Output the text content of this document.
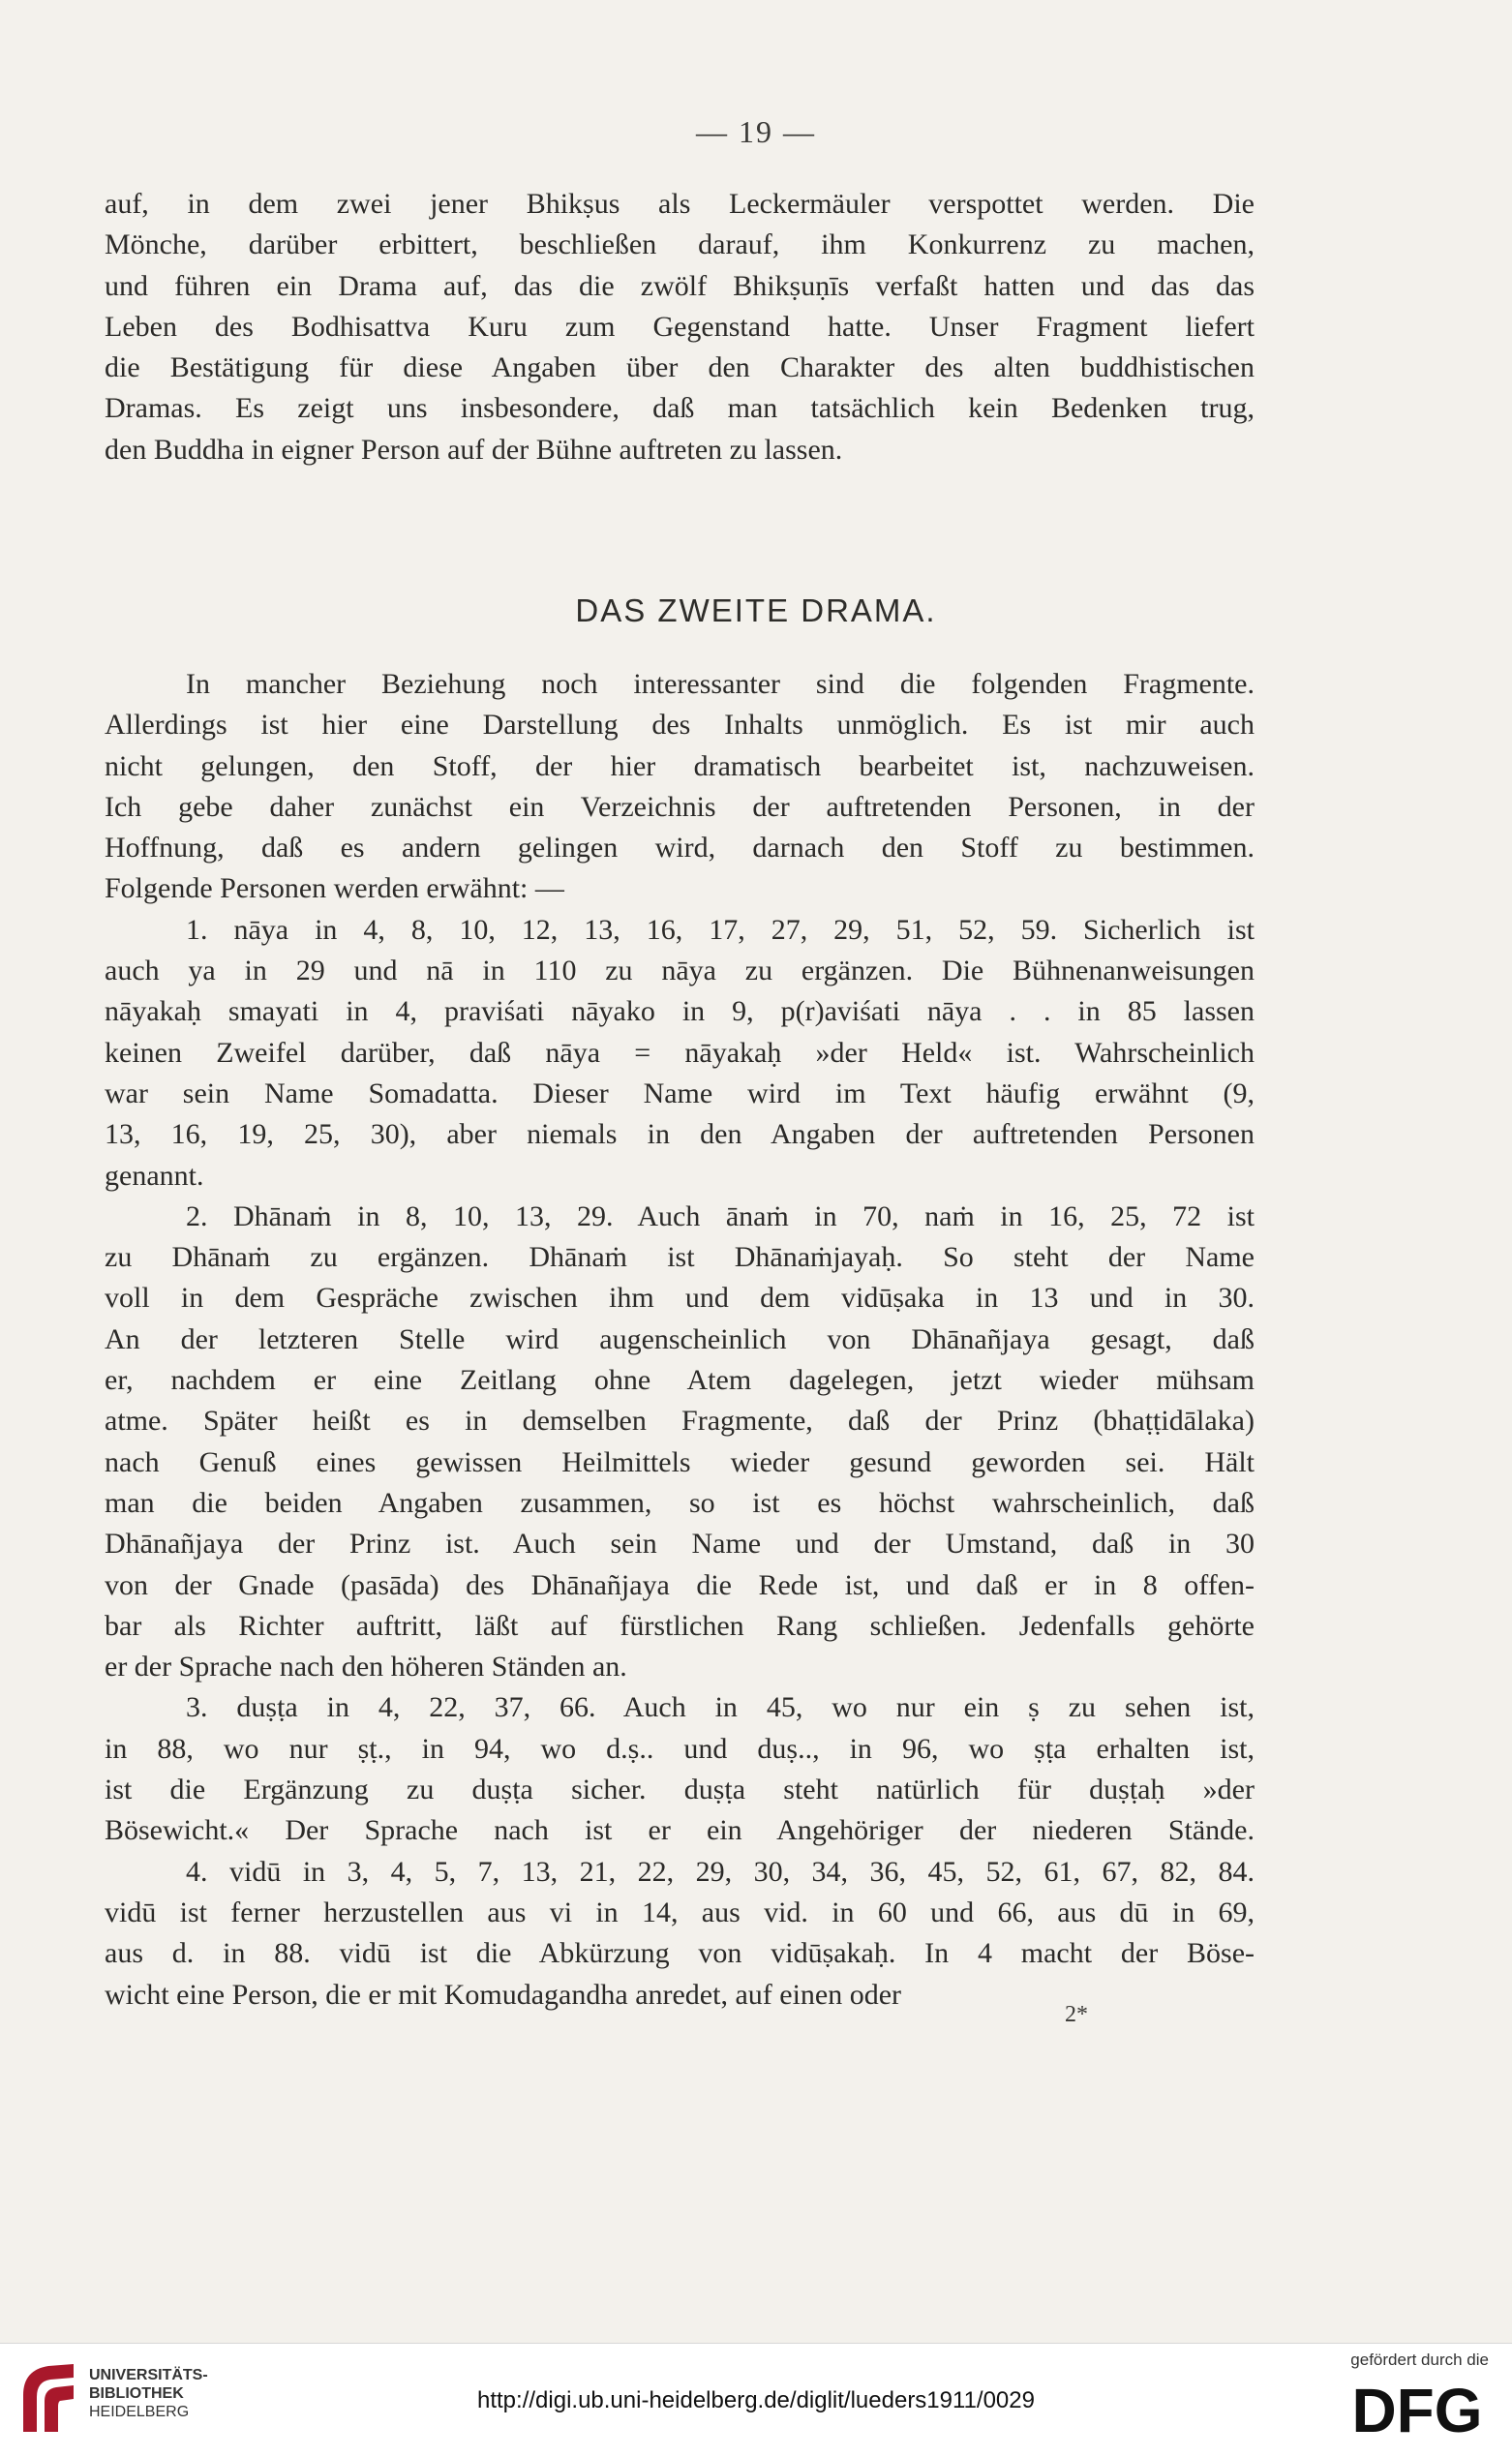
— 19 —
auf, in dem zwei jener Bhikṣus als Leckermäuler verspottet werden. Die
Mönche, darüber erbittert, beschließen darauf, ihm Konkurrenz zu machen,
und führen ein Drama auf, das die zwölf Bhikṣuṇīs verfaßt hatten und das das
Leben des Bodhisattva Kuru zum Gegenstand hatte. Unser Fragment liefert
die Bestätigung für diese Angaben über den Charakter des alten buddhistischen
Dramas. Es zeigt uns insbesondere, daß man tatsächlich kein Bedenken trug,
den Buddha in eigner Person auf der Bühne auftreten zu lassen.
DAS ZWEITE DRAMA.
In mancher Beziehung noch interessanter sind die folgenden Fragmente.
Allerdings ist hier eine Darstellung des Inhalts unmöglich. Es ist mir auch
nicht gelungen, den Stoff, der hier dramatisch bearbeitet ist, nachzuweisen.
Ich gebe daher zunächst ein Verzeichnis der auftretenden Personen, in der
Hoffnung, daß es andern gelingen wird, darnach den Stoff zu bestimmen.
Folgende Personen werden erwähnt: —
1. nāya in 4, 8, 10, 12, 13, 16, 17, 27, 29, 51, 52, 59. Sicherlich ist
auch ya in 29 und nā in 110 zu nāya zu ergänzen. Die Bühnenanweisungen
nāyakaḥ smayati in 4, praviśati nāyako in 9, p(r)aviśati nāya . . in 85 lassen
keinen Zweifel darüber, daß nāya = nāyakaḥ »der Held« ist. Wahrscheinlich
war sein Name Somadatta. Dieser Name wird im Text häufig erwähnt (9,
13, 16, 19, 25, 30), aber niemals in den Angaben der auftretenden Personen
genannt.
2. Dhānaṁ in 8, 10, 13, 29. Auch ānaṁ in 70, naṁ in 16, 25, 72 ist
zu Dhānaṁ zu ergänzen. Dhānaṁ ist Dhānaṁjayaḥ. So steht der Name
voll in dem Gespräche zwischen ihm und dem vidūṣaka in 13 und in 30.
An der letzteren Stelle wird augenscheinlich von Dhānañjaya gesagt, daß
er, nachdem er eine Zeitlang ohne Atem dagelegen, jetzt wieder mühsam
atme. Später heißt es in demselben Fragmente, daß der Prinz (bhaṭṭidālaka)
nach Genuß eines gewissen Heilmittels wieder gesund geworden sei. Hält
man die beiden Angaben zusammen, so ist es höchst wahrscheinlich, daß
Dhānañjaya der Prinz ist. Auch sein Name und der Umstand, daß in 30
von der Gnade (pasāda) des Dhānañjaya die Rede ist, und daß er in 8 offen-
bar als Richter auftritt, läßt auf fürstlichen Rang schließen. Jedenfalls gehörte
er der Sprache nach den höheren Ständen an.
3. duṣṭa in 4, 22, 37, 66. Auch in 45, wo nur ein ṣ zu sehen ist,
in 88, wo nur ṣṭ., in 94, wo d.ṣ.. und duṣ.., in 96, wo ṣṭa erhalten ist,
ist die Ergänzung zu duṣṭa sicher. duṣṭa steht natürlich für duṣṭaḥ »der
Bösewicht.« Der Sprache nach ist er ein Angehöriger der niederen Stände.
4. vidū in 3, 4, 5, 7, 13, 21, 22, 29, 30, 34, 36, 45, 52, 61, 67, 82, 84.
vidū ist ferner herzustellen aus vi in 14, aus vid. in 60 und 66, aus dū in 69,
aus d. in 88. vidū ist die Abkürzung von vidūṣakaḥ. In 4 macht der Böse-
wicht eine Person, die er mit Komudagandha anredet, auf einen oder
2*
UNIVERSITÄTS-
BIBLIOTHEK
HEIDELBERG	http://digi.ub.uni-heidelberg.de/diglit/lueders1911/0029
gefördert durch die
DFG
